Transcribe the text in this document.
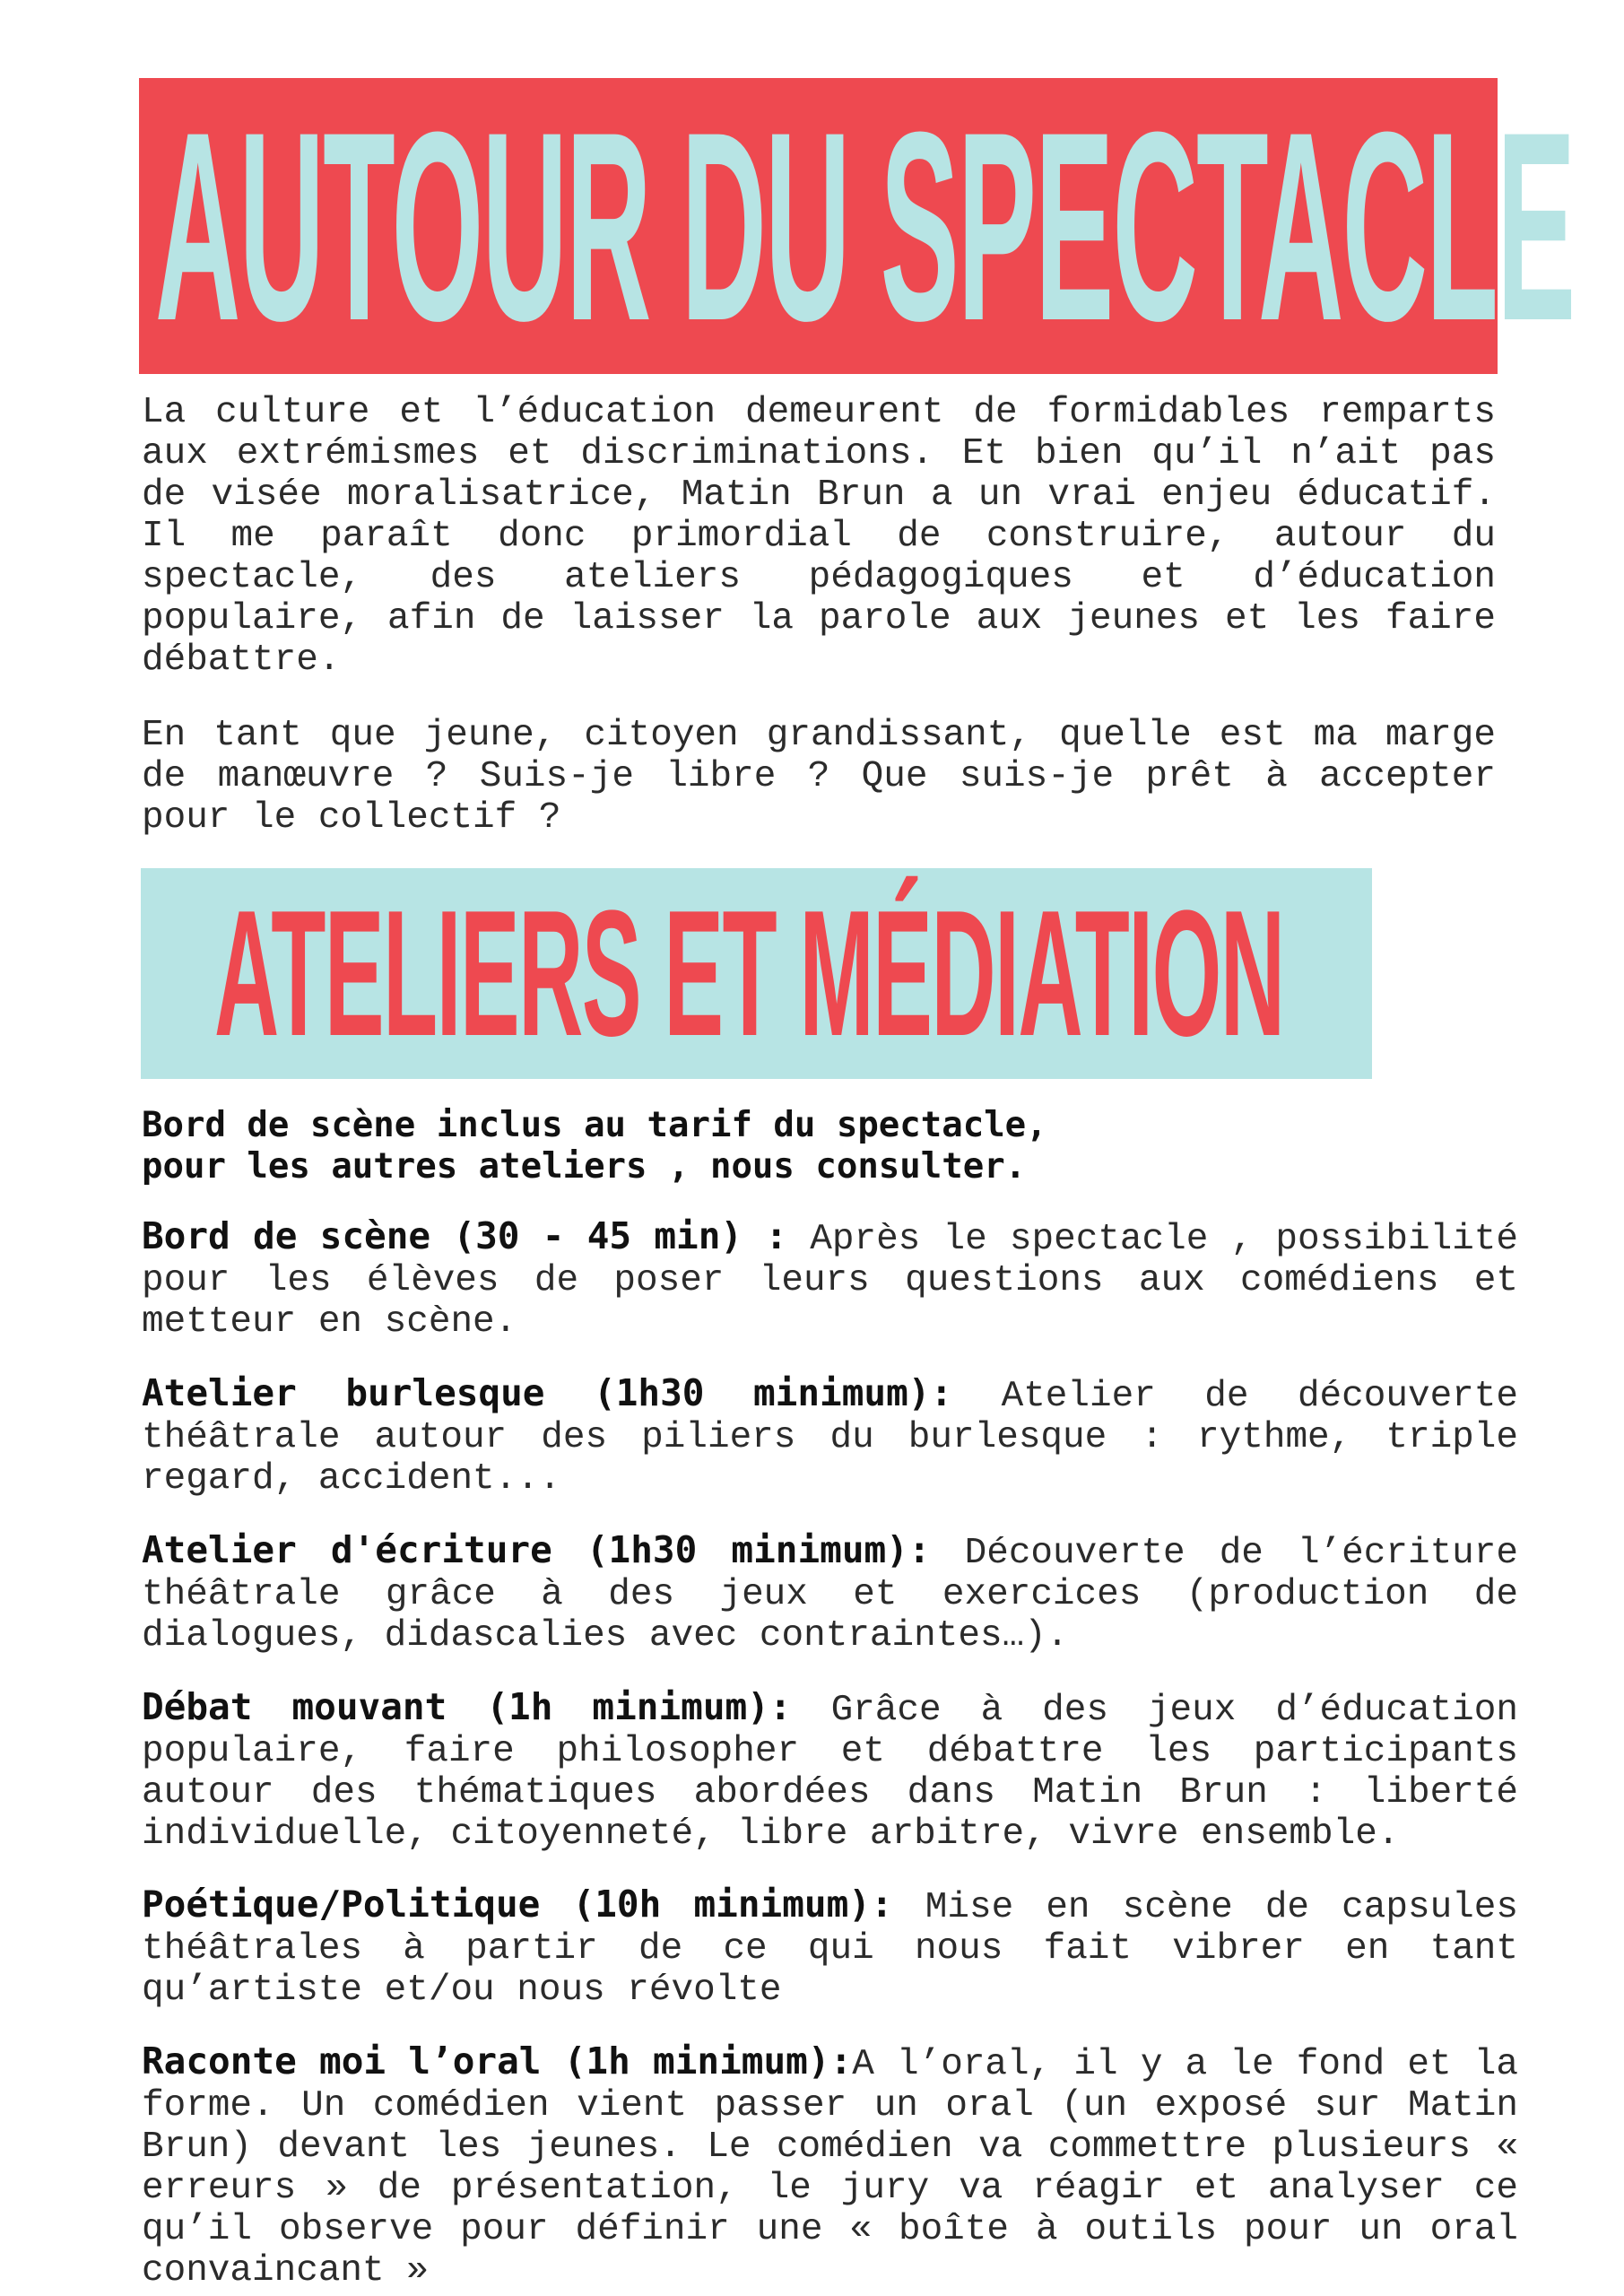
AUTOUR DU SPECTACLE

La culture et l’éducation demeurent de formidables remparts aux extrémismes et discriminations. Et bien qu’il n’ait pas de visée moralisatrice, Matin Brun a un vrai enjeu éducatif. Il me paraît donc primordial de construire, autour du spectacle, des ateliers pédagogiques et d’éducation populaire, afin de laisser la parole aux jeunes et les faire débattre.

En tant que jeune, citoyen grandissant, quelle est ma marge de manœuvre ? Suis-je libre ? Que suis-je prêt à accepter pour le collectif ?

ATELIERS ET MÉDIATION
Bord de scène inclus au tarif du spectacle,
pour les autres ateliers , nous consulter.

Bord de scène (30 - 45 min) : Après le spectacle , possibilité pour les élèves de poser leurs questions aux comédiens et metteur en scène.

Atelier burlesque (1h30 minimum): Atelier de découverte théâtrale autour des piliers du burlesque : rythme, triple regard, accident...

Atelier d'écriture (1h30 minimum): Découverte de l’écriture théâtrale grâce à des jeux et exercices (production de dialogues, didascalies avec contraintes…).

Débat mouvant (1h minimum): Grâce à des jeux d’éducation populaire, faire philosopher et débattre les participants autour des thématiques abordées dans Matin Brun : liberté individuelle, citoyenneté, libre arbitre, vivre ensemble.

Poétique/Politique (10h minimum): Mise en scène de capsules théâtrales à partir de ce qui nous fait vibrer en tant qu’artiste et/ou nous révolte

Raconte moi l’oral (1h minimum):A l’oral, il y a le fond et la forme. Un comédien vient passer un oral (un exposé sur Matin Brun) devant les jeunes. Le comédien va commettre plusieurs « erreurs » de présentation, le jury va réagir et analyser ce qu’il observe pour définir une « boîte à outils pour un oral convaincant »
